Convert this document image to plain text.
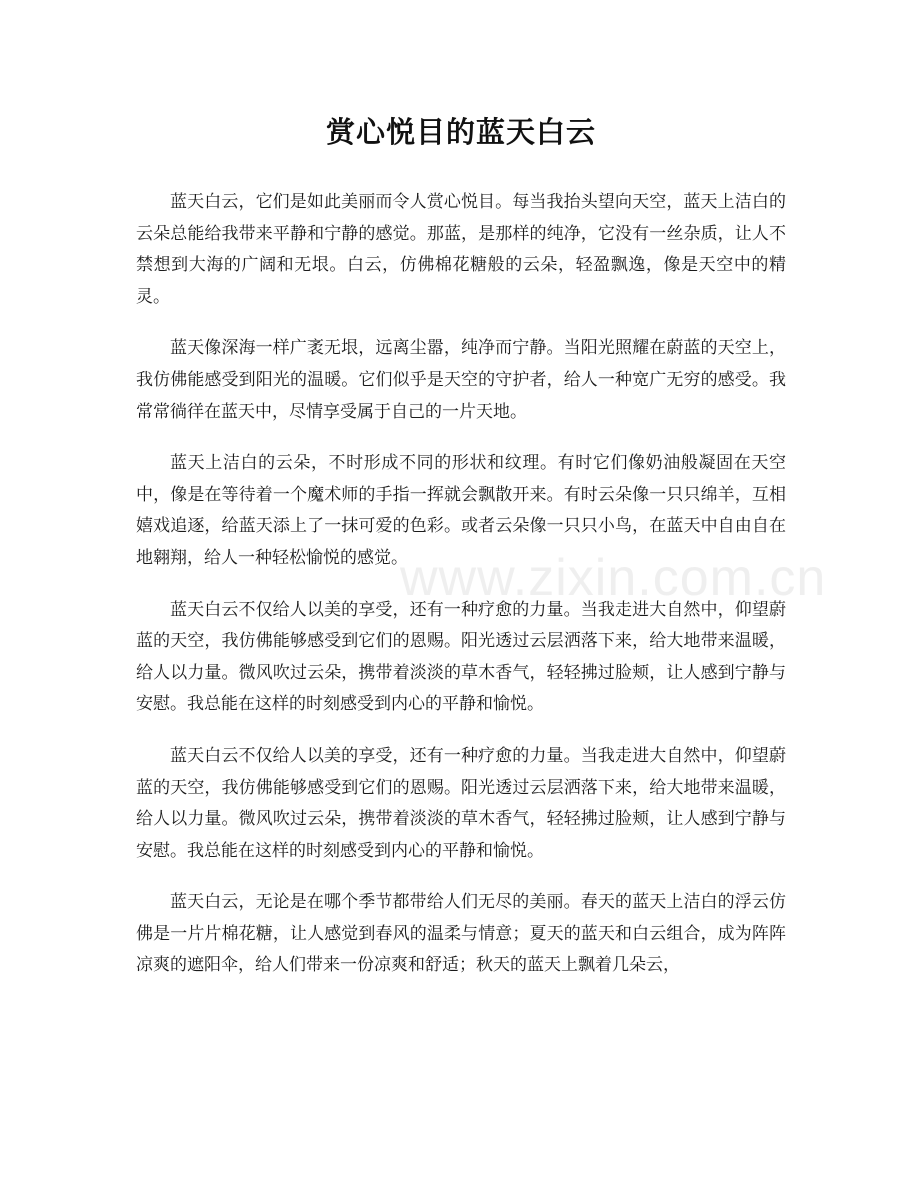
赏心悦目的蓝天白云

蓝天白云，它们是如此美丽而令人赏心悦目。每当我抬头望向天空，蓝天上洁白的云朵总能给我带来平静和宁静的感觉。那蓝，是那样的纯净，它没有一丝杂质，让人不禁想到大海的广阔和无垠。白云，仿佛棉花糖般的云朵，轻盈飘逸，像是天空中的精灵。

蓝天像深海一样广袤无垠，远离尘嚣，纯净而宁静。当阳光照耀在蔚蓝的天空上，我仿佛能感受到阳光的温暖。它们似乎是天空的守护者，给人一种宽广无穷的感受。我常常徜徉在蓝天中，尽情享受属于自己的一片天地。

蓝天上洁白的云朵，不时形成不同的形状和纹理。有时它们像奶油般凝固在天空中，像是在等待着一个魔术师的手指一挥就会飘散开来。有时云朵像一只只绵羊，互相嬉戏追逐，给蓝天添上了一抹可爱的色彩。或者云朵像一只只小鸟，在蓝天中自由自在地翱翔，给人一种轻松愉悦的感觉。

蓝天白云不仅给人以美的享受，还有一种疗愈的力量。当我走进大自然中，仰望蔚蓝的天空，我仿佛能够感受到它们的恩赐。阳光透过云层洒落下来，给大地带来温暖，给人以力量。微风吹过云朵，携带着淡淡的草木香气，轻轻拂过脸颊，让人感到宁静与安慰。我总能在这样的时刻感受到内心的平静和愉悦。

蓝天白云不仅给人以美的享受，还有一种疗愈的力量。当我走进大自然中，仰望蔚蓝的天空，我仿佛能够感受到它们的恩赐。阳光透过云层洒落下来，给大地带来温暖，给人以力量。微风吹过云朵，携带着淡淡的草木香气，轻轻拂过脸颊，让人感到宁静与安慰。我总能在这样的时刻感受到内心的平静和愉悦。

蓝天白云，无论是在哪个季节都带给人们无尽的美丽。春天的蓝天上洁白的浮云仿佛是一片片棉花糖，让人感觉到春风的温柔与情意；夏天的蓝天和白云组合，成为阵阵凉爽的遮阳伞，给人们带来一份凉爽和舒适；秋天的蓝天上飘着几朵云，

www.zixin.com.cn
